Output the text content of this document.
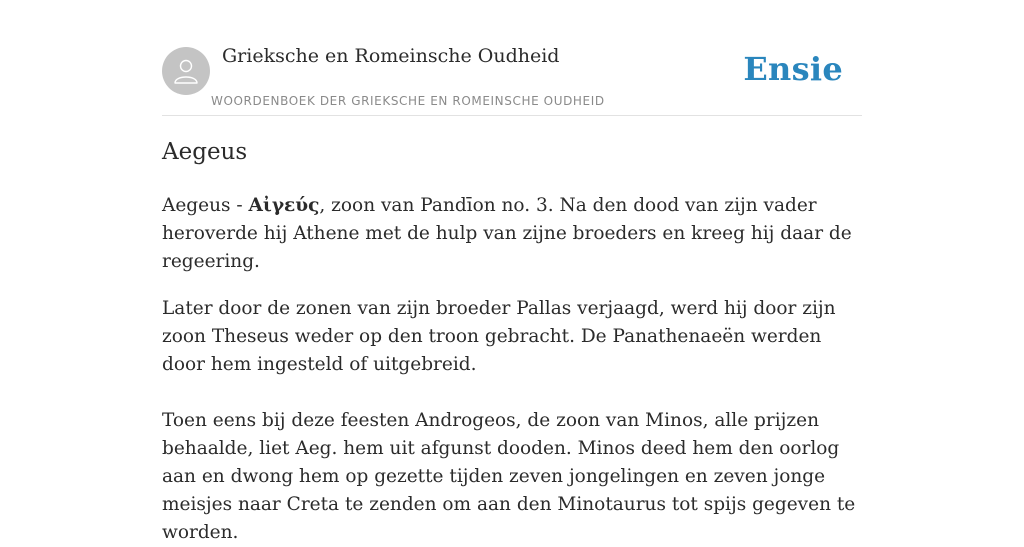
Grieksche en Romeinsche Oudheid
WOORDENBOEK DER GRIEKSCHE EN ROMEINSCHE OUDHEID
Ensie
Aegeus

Aegeus - Αἰγεύς, zoon van Pandīon no. 3. Na den dood van zijn vader heroverde hij Athene met de hulp van zijne broeders en kreeg hij daar de regeering.

Later door de zonen van zijn broeder Pallas verjaagd, werd hij door zijn zoon Theseus weder op den troon gebracht. De Panathenaeën werden door hem ingesteld of uitgebreid.

Toen eens bij deze feesten Androgeos, de zoon van Minos, alle prijzen behaalde, liet Aeg. hem uit afgunst dooden. Minos deed hem den oorlog aan en dwong hem op gezette tijden zeven jongelingen en zeven jonge meisjes naar Creta te zenden om aan den Minotaurus tot spijs gegeven te worden.
